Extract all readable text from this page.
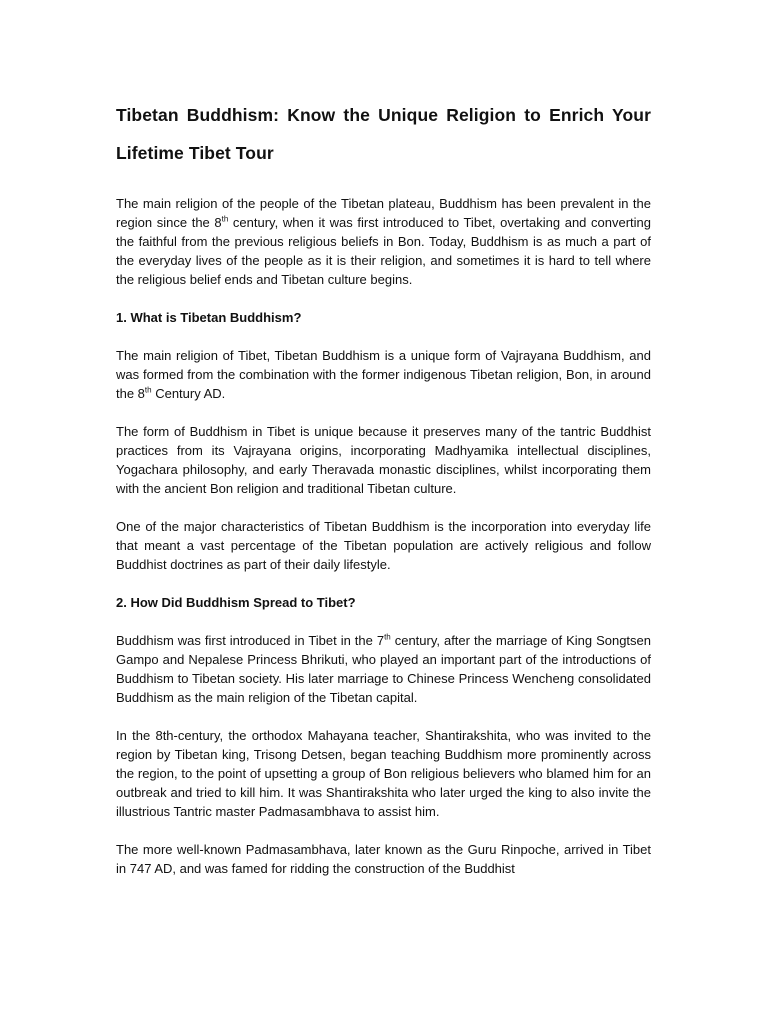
Tibetan Buddhism: Know the Unique Religion to Enrich Your Lifetime Tibet Tour

The main religion of the people of the Tibetan plateau, Buddhism has been prevalent in the region since the 8th century, when it was first introduced to Tibet, overtaking and converting the faithful from the previous religious beliefs in Bon. Today, Buddhism is as much a part of the everyday lives of the people as it is their religion, and sometimes it is hard to tell where the religious belief ends and Tibetan culture begins.

1. What is Tibetan Buddhism?

The main religion of Tibet, Tibetan Buddhism is a unique form of Vajrayana Buddhism, and was formed from the combination with the former indigenous Tibetan religion, Bon, in around the 8th Century AD.

The form of Buddhism in Tibet is unique because it preserves many of the tantric Buddhist practices from its Vajrayana origins, incorporating Madhyamika intellectual disciplines, Yogachara philosophy, and early Theravada monastic disciplines, whilst incorporating them with the ancient Bon religion and traditional Tibetan culture.

One of the major characteristics of Tibetan Buddhism is the incorporation into everyday life that meant a vast percentage of the Tibetan population are actively religious and follow Buddhist doctrines as part of their daily lifestyle.

2. How Did Buddhism Spread to Tibet?

Buddhism was first introduced in Tibet in the 7th century, after the marriage of King Songtsen Gampo and Nepalese Princess Bhrikuti, who played an important part of the introductions of Buddhism to Tibetan society. His later marriage to Chinese Princess Wencheng consolidated Buddhism as the main religion of the Tibetan capital.

In the 8th-century, the orthodox Mahayana teacher, Shantirakshita, who was invited to the region by Tibetan king, Trisong Detsen, began teaching Buddhism more prominently across the region, to the point of upsetting a group of Bon religious believers who blamed him for an outbreak and tried to kill him. It was Shantirakshita who later urged the king to also invite the illustrious Tantric master Padmasambhava to assist him.

The more well-known Padmasambhava, later known as the Guru Rinpoche, arrived in Tibet in 747 AD, and was famed for ridding the construction of the Buddhist
